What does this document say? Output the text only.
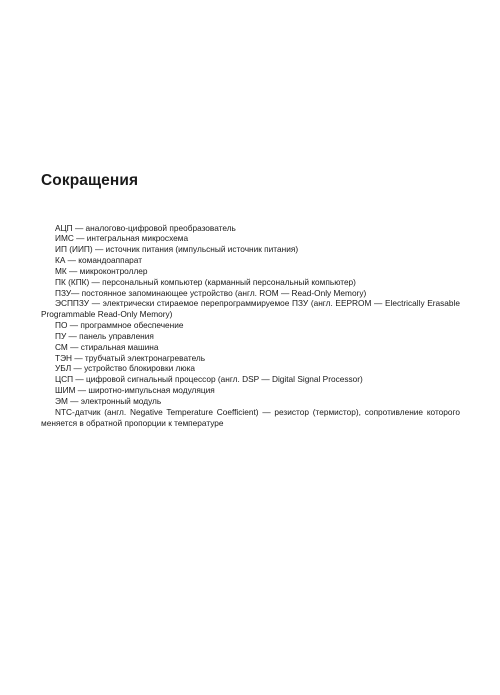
Сокращения
АЦП — аналогово-цифровой преобразователь
ИМС — интегральная микросхема
ИП (ИИП) — источник питания (импульсный источник питания)
КА — командоаппарат
МК — микроконтроллер
ПК (КПК) — персональный компьютер (карманный персональный компьютер)
ПЗУ— постоянное запоминающее устройство (англ. ROM — Read-Only Memory)
ЭСППЗУ — электрически стираемое перепрограммируемое ПЗУ (англ. EEPROM — Electrically Erasable Programmable Read-Only Memory)
ПО — программное обеспечение
ПУ — панель управления
СМ — стиральная машина
ТЭН — трубчатый электронагреватель
УБЛ — устройство блокировки люка
ЦСП — цифровой сигнальный процессор (англ. DSP — Digital Signal Processor)
ШИМ — широтно-импульсная модуляция
ЭМ — электронный модуль
NTC-датчик (англ. Negative Temperature Coefficient) — резистор (термистор), сопротивление которого меняется в обратной пропорции к температуре
